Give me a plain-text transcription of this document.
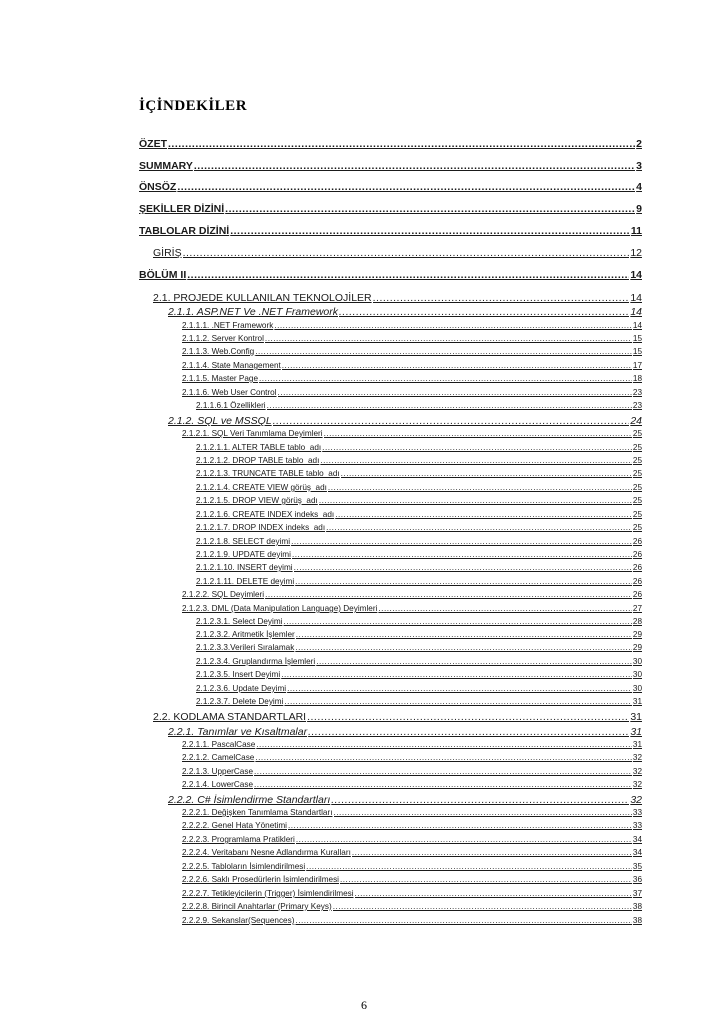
İÇİNDEKİLER
ÖZET .....	2
SUMMARY .....	3
ÖNSÖZ .....	4
ŞEKİLLER DİZİNİ .....	9
TABLOLAR DİZİNİ .....	11
GİRİŞ .....	12
BÖLÜM II .....	14
2.1. PROJEDE KULLANILAN TEKNOLOJİLER .....	14
2.1.1. ASP.NET Ve .NET Framework .....	14
2.1.1.1. .NET Framework .....	14
2.1.1.2. Server Kontrol .....	15
2.1.1.3. Web.Config .....	15
2.1.1.4. State Management .....	17
2.1.1.5. Master Page .....	18
2.1.1.6. Web User Control .....	23
2.1.1.6.1 Özellikleri .....	23
2.1.2. SQL ve MSSQL .....	24
2.1.2.1. SQL Veri Tanımlama Deyimleri .....	25
2.1.2.1.1. ALTER TABLE tablo_adı .....	25
2.1.2.1.2. DROP TABLE tablo_adı .....	25
2.1.2.1.3. TRUNCATE TABLE tablo_adı .....	25
2.1.2.1.4. CREATE VIEW görüş_adı .....	25
2.1.2.1.5. DROP VIEW görüş_adı .....	25
2.1.2.1.6. CREATE INDEX indeks_adı .....	25
2.1.2.1.7. DROP INDEX indeks_adı .....	25
2.1.2.1.8. SELECT deyimi .....	26
2.1.2.1.9. UPDATE deyimi .....	26
2.1.2.1.10. INSERT deyimi .....	26
2.1.2.1.11. DELETE deyimi .....	26
2.1.2.2. SQL Deyimleri .....	26
2.1.2.3. DML (Data Manipulation Language) Deyimleri .....	27
2.1.2.3.1. Select Deyimi .....	28
2.1.2.3.2. Aritmetik İşlemler .....	29
2.1.2.3.3.Verileri Sıralamak .....	29
2.1.2.3.4. Gruplandırma İşlemleri .....	30
2.1.2.3.5. Insert Deyimi .....	30
2.1.2.3.6. Update Deyimi .....	30
2.1.2.3.7. Delete Deyimi .....	31
2.2. KODLAMA STANDARTLARI .....	31
2.2.1. Tanımlar ve Kısaltmalar .....	31
2.2.1.1. PascalCase .....	31
2.2.1.2. CamelCase .....	32
2.2.1.3. UpperCase .....	32
2.2.1.4. LowerCase .....	32
2.2.2. C# İsimlendirme Standartları .....	32
2.2.2.1. Değişken Tanımlama Standartları .....	33
2.2.2.2. Genel Hata Yönetimi .....	33
2.2.2.3. Programlama Pratikleri .....	34
2.2.2.4. Veritabanı Nesne Adlandırma Kuralları .....	34
2.2.2.5. Tabloların İsimlendirilmesi .....	35
2.2.2.6. Saklı Prosedürlerin İsimlendirilmesi .....	36
2.2.2.7. Tetikleyicilerin (Trigger) İsimlendirilmesi .....	37
2.2.2.8. Birincil Anahtarlar (Primary Keys) .....	38
2.2.2.9. Sekanslar(Sequences) .....	38
6
